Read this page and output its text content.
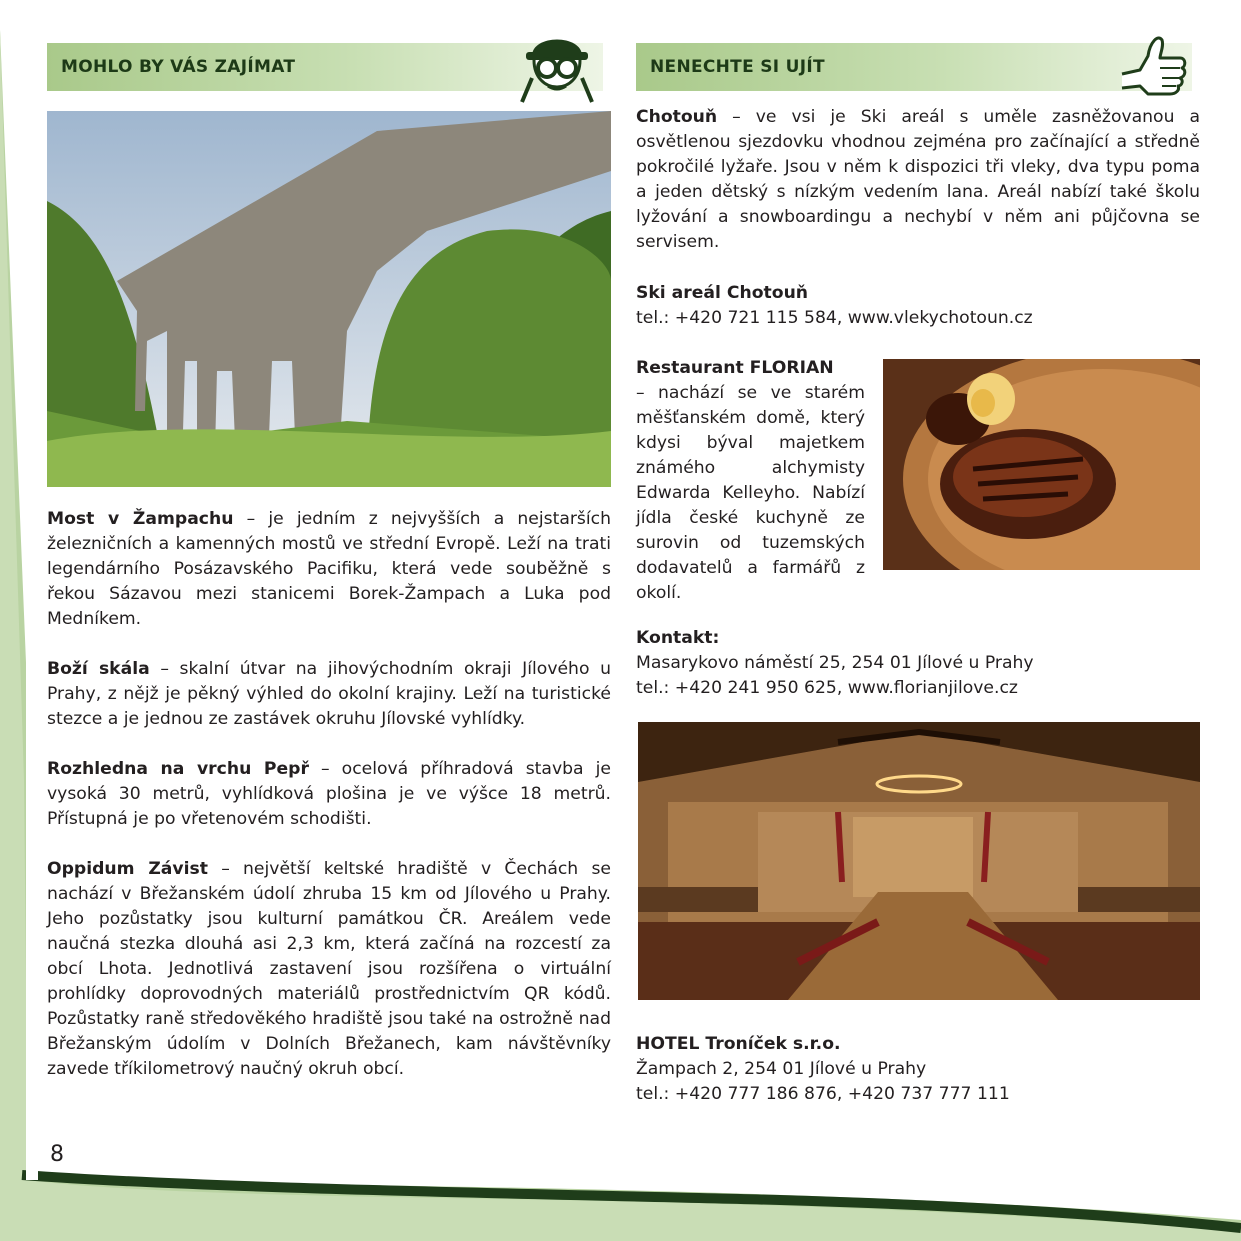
MOHLO BY VÁS ZAJÍMAT

Most v Žampachu – je jedním z nejvyšších a nejstarších železničních a kamenných mostů ve střední Evropě. Leží na trati legendárního Posázavského Pacifiku, která vede souběžně s řekou Sázavou mezi stanicemi Borek-Žampach a Luka pod Medníkem.

Boží skála – skalní útvar na jihovýchodním okraji Jílového u Prahy, z nějž je pěkný výhled do okolní krajiny. Leží na turistické stezce a je jednou ze zastávek okruhu Jílovské vyhlídky.

Rozhledna na vrchu Pepř – ocelová příhradová stavba je vysoká 30 metrů, vyhlídková plošina je ve výšce 18 metrů. Přístupná je po vřetenovém schodišti.

Oppidum Závist – největší keltské hradiště v Čechách se nachází v Břežanském údolí zhruba 15 km od Jílového u Prahy. Jeho pozůstatky jsou kulturní památkou ČR. Areálem vede naučná stezka dlouhá asi 2,3 km, která začíná na rozcestí za obcí Lhota. Jednotlivá zastavení jsou rozšířena o virtuální prohlídky doprovodných materiálů prostřednictvím QR kódů. Pozůstatky raně středověkého hradiště jsou také na ostrožně nad Břežanským údolím v Dolních Břežanech, kam návštěvníky zavede tříkilometrový naučný okruh obcí.

NENECHTE SI UJÍT

Chotouň – ve vsi je Ski areál s uměle zasněžovanou a osvětlenou sjezdovku vhodnou zejména pro začínající a středně pokročilé lyžaře. Jsou v něm k dispozici tři vleky, dva typu poma a jeden dětský s nízkým vedením lana. Areál nabízí také školu lyžování a snowboardingu a nechybí v něm ani půjčovna se servisem.

Ski areál Chotouň

tel.: +420 721 115 584, www.vlekychotoun.cz

Restaurant FLORIAN

– nachází se ve starém měšťanském domě, který kdysi býval majetkem známého alchymisty Edwarda Kelleyho. Nabízí jídla české kuchyně ze surovin od tuzemských dodavatelů a farmářů z okolí.

Kontakt:

Masarykovo náměstí 25, 254 01 Jílové u Prahy

tel.: +420 241 950 625, www.florianjilove.cz

HOTEL Troníček s.r.o.

Žampach 2, 254 01 Jílové u Prahy

tel.: +420 777 186 876, +420 737 777 111

8
